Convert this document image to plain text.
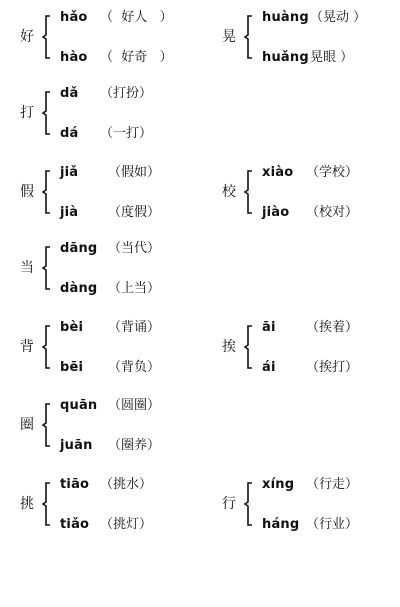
好
hǎo （  好人   ）
hào （  好奇   ）
晃
huàng （晃动 ）
huǎng 晃眼 ）
打
dǎ （打扮）
dá （一打）
假
jiǎ （假如）
jià （度假）
校
xiào （学校）
jiào （校对）
当
dāng （当代）
dàng （上当）
背
bèi （背诵）
bēi （背负）
挨
āi （挨着）
ái （挨打）
圈
quān （圆圈）
juān （圈养）
挑
tiāo （挑水）
tiǎo （挑灯）
行
xíng （行走）
háng （行业）
